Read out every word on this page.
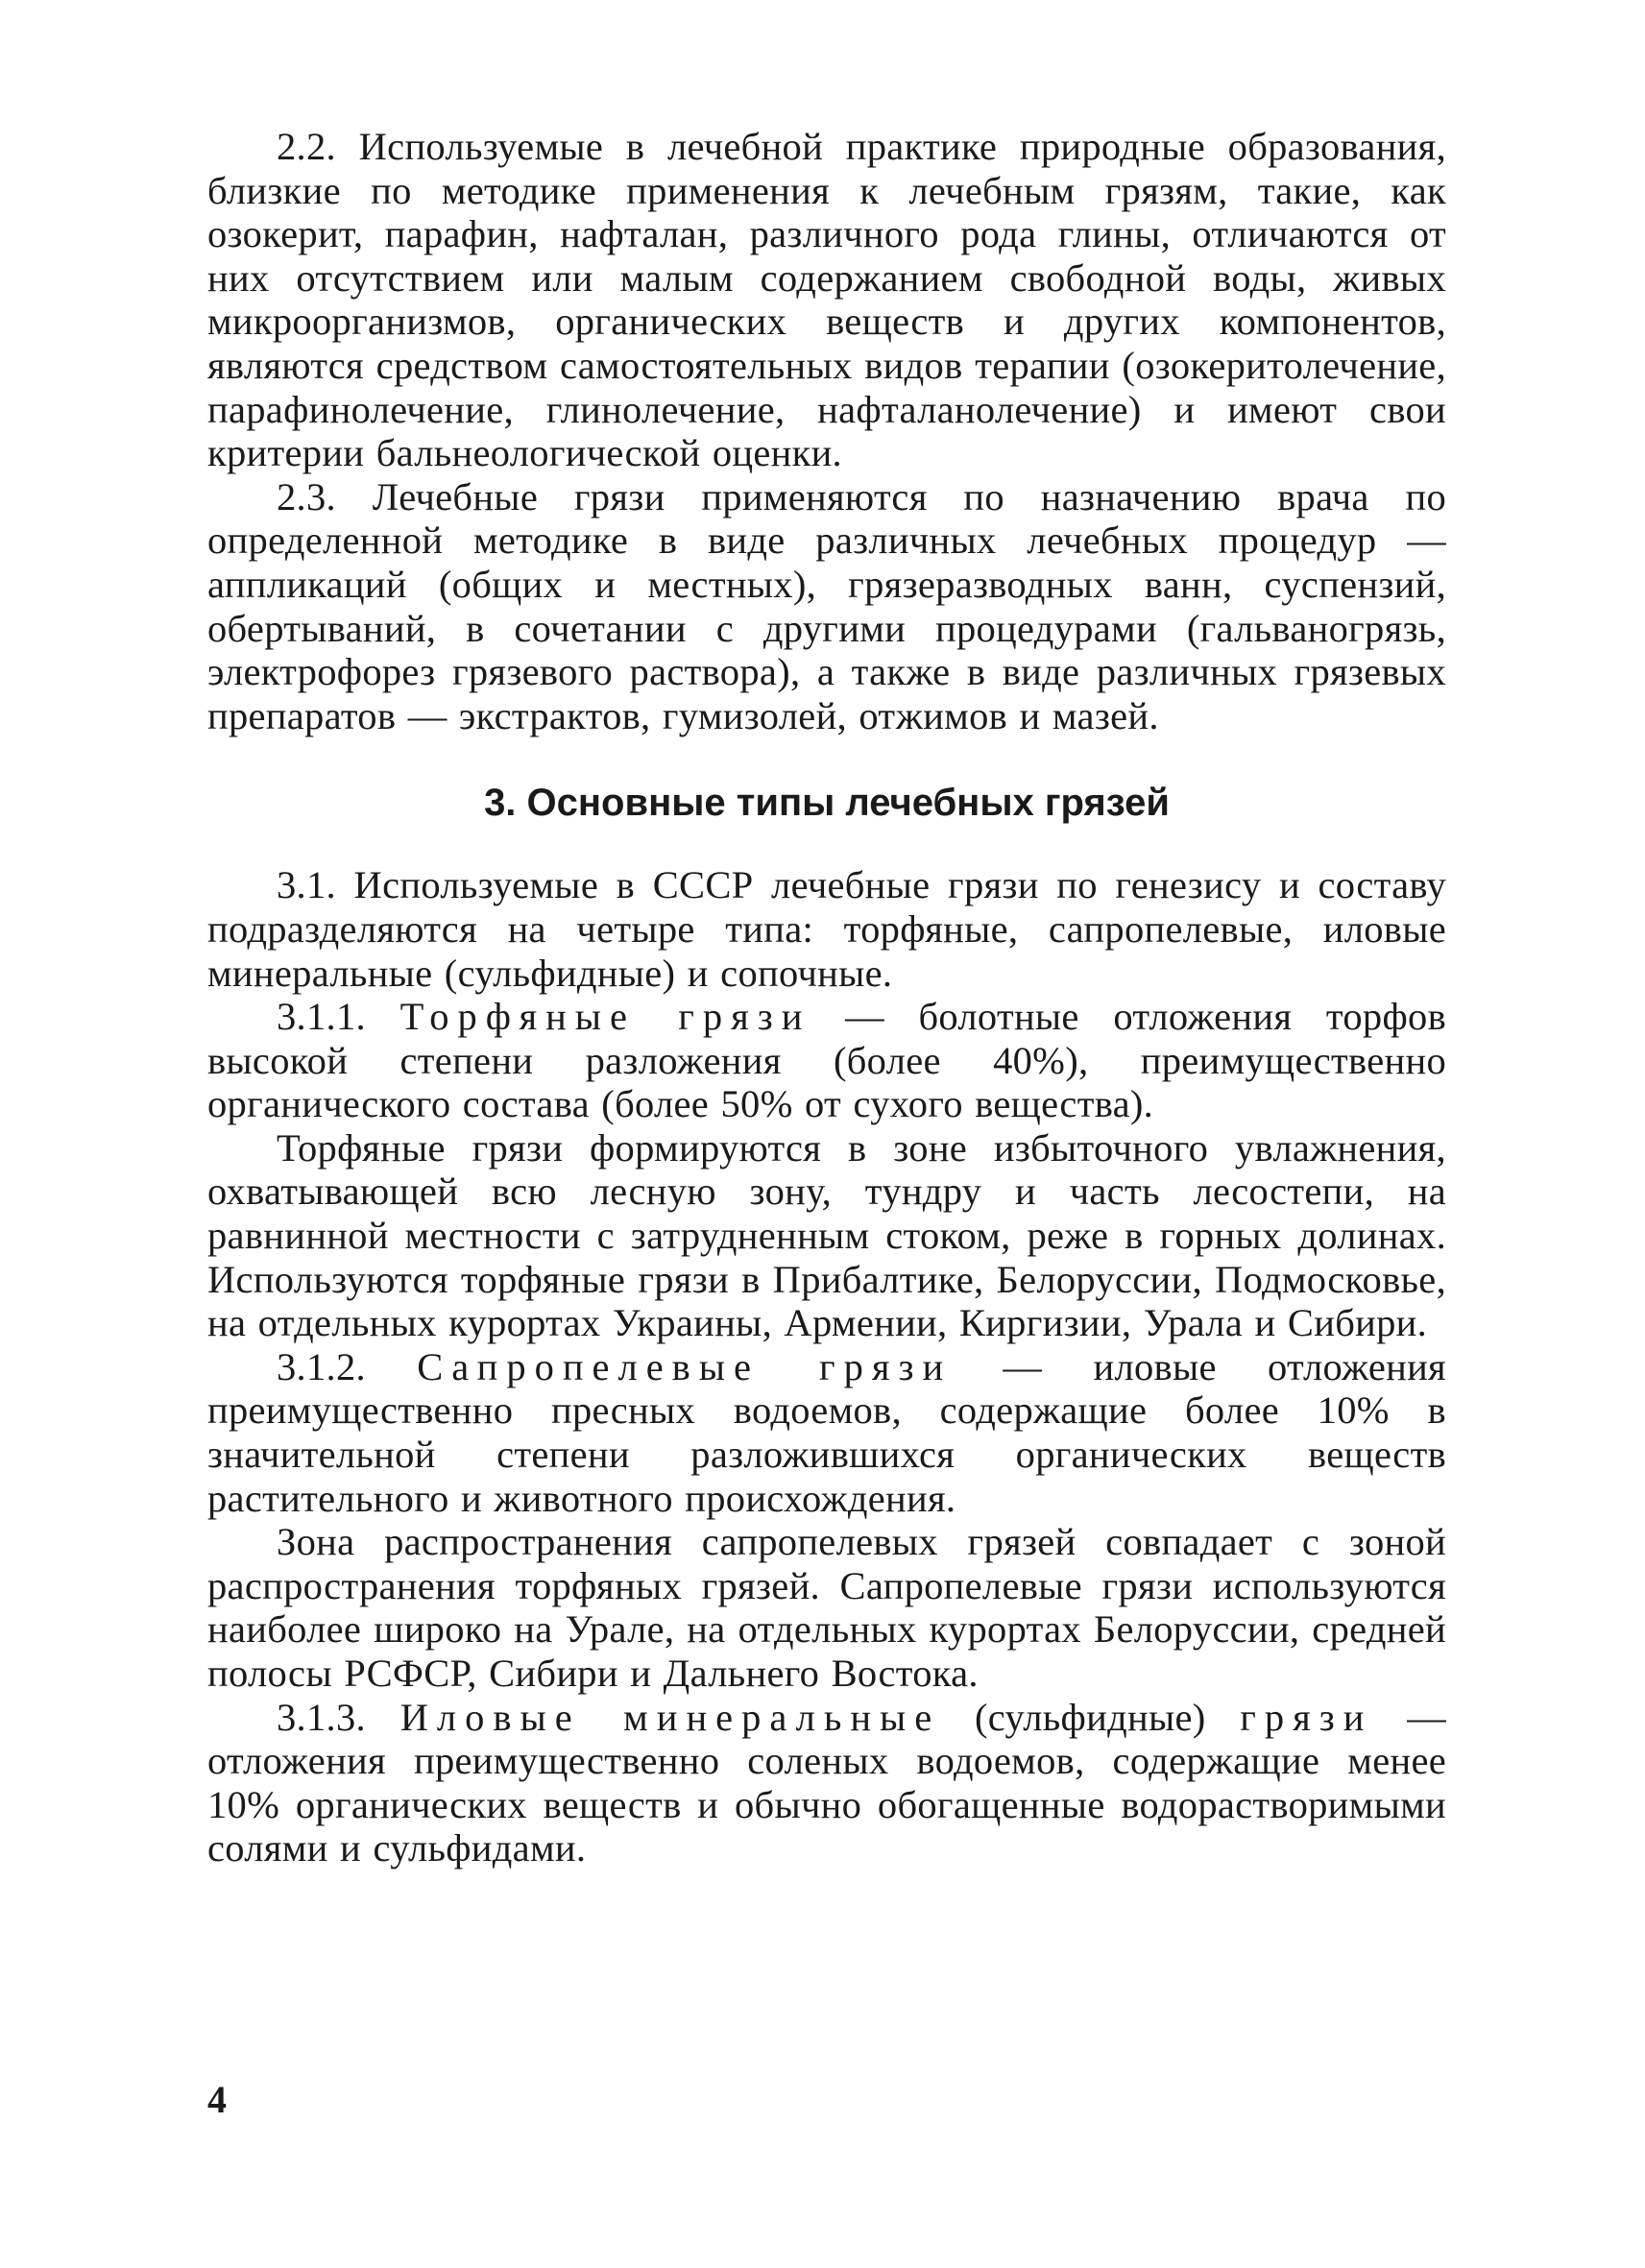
2.2. Используемые в лечебной практике природные образования, близкие по методике применения к лечебным грязям, такие, как озокерит, парафин, нафталан, различного рода глины, отличаются от них отсутствием или малым содержанием свободной воды, живых микроорганизмов, органических веществ и других компонентов, являются средством самостоятельных видов терапии (озокеритолечение, парафинолечение, глинолечение, нафталанолечение) и имеют свои критерии бальнеологической оценки.

2.3. Лечебные грязи применяются по назначению врача по определенной методике в виде различных лечебных процедур — аппликаций (общих и местных), грязеразводных ванн, суспензий, обертываний, в сочетании с другими процедурами (гальваногрязь, электрофорез грязевого раствора), а также в виде различных грязевых препаратов — экстрактов, гумизолей, отжимов и мазей.

3. Основные типы лечебных грязей

3.1. Используемые в СССР лечебные грязи по генезису и составу подразделяются на четыре типа: торфяные, сапропелевые, иловые минеральные (сульфидные) и сопочные.

3.1.1. Торфяные грязи — болотные отложения торфов высокой степени разложения (более 40%), преимущественно органического состава (более 50% от сухого вещества).

Торфяные грязи формируются в зоне избыточного увлажнения, охватывающей всю лесную зону, тундру и часть лесостепи, на равнинной местности с затрудненным стоком, реже в горных долинах. Используются торфяные грязи в Прибалтике, Белоруссии, Подмосковье, на отдельных курортах Украины, Армении, Киргизии, Урала и Сибири.

3.1.2. Сапропелевые грязи — иловые отложения преимущественно пресных водоемов, содержащие более 10% в значительной степени разложившихся органических веществ растительного и животного происхождения.

Зона распространения сапропелевых грязей совпадает с зоной распространения торфяных грязей. Сапропелевые грязи используются наиболее широко на Урале, на отдельных курортах Белоруссии, средней полосы РСФСР, Сибири и Дальнего Востока.

3.1.3. Иловые минеральные (сульфидные) грязи — отложения преимущественно соленых водоемов, содержащие менее 10% органических веществ и обычно обогащенные водорастворимыми солями и сульфидами.

4
